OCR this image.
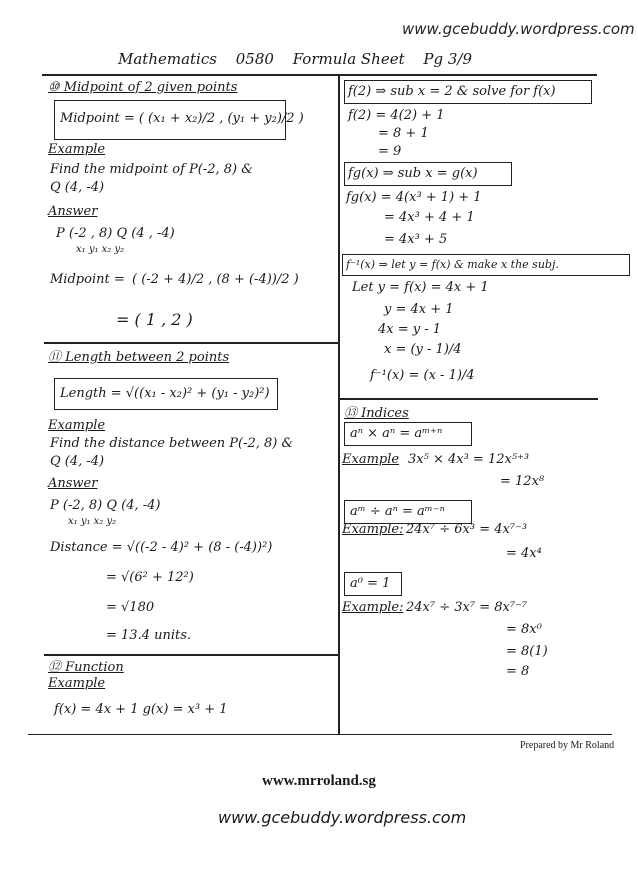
www.gcebuddy.wordpress.com
Mathematics 0580 Formula Sheet Pg 3/9
⑩ Midpoint of 2 given points
Midpoint = ( (x₁ + x₂)/2 , (y₁ + y₂)/2 )
Example
Find the midpoint of P(-2, 8) &
Q (4, -4)
Answer
P (-2 , 8) Q (4 , -4)
x₁ y₁ x₂ y₂
Midpoint = ( (-2 + 4)/2 , (8 + (-4))/2 )
= ( 1 , 2 )
⑪ Length between 2 points
Length = √((x₁ - x₂)² + (y₁ - y₂)²)
Example
Find the distance between P(-2, 8) &
Q (4, -4)
Answer
P (-2, 8) Q (4, -4)
x₁ y₁ x₂ y₂
Distance = √((-2 - 4)² + (8 - (-4))²)
= √(6² + 12²)
= √180
= 13.4 units.
⑫ Function
Example
f(x) = 4x + 1 g(x) = x³ + 1
f(2) ⇒ sub x = 2 & solve for f(x)
f(2) = 4(2) + 1
= 8 + 1
= 9
fg(x) ⇒ sub x = g(x)
fg(x) = 4(x³ + 1) + 1
= 4x³ + 4 + 1
= 4x³ + 5
f⁻¹(x) ⇒ let y = f(x) & make x the subj.
Let y = f(x) = 4x + 1
y = 4x + 1
4x = y - 1
x = (y - 1)/4
f⁻¹(x) = (x - 1)/4
⑬ Indices
aⁿ × aⁿ = aᵐ⁺ⁿ
Example 3x⁵ × 4x³ = 12x⁵⁺³
= 12x⁸
aᵐ ÷ aⁿ = aᵐ⁻ⁿ
Example: 24x⁷ ÷ 6x³ = 4x⁷⁻³
= 4x⁴
a⁰ = 1
Example: 24x⁷ ÷ 3x⁷ = 8x⁷⁻⁷
= 8x⁰
= 8(1)
= 8
Prepared by Mr Roland
www.mrroland.sg
www.gcebuddy.wordpress.com
